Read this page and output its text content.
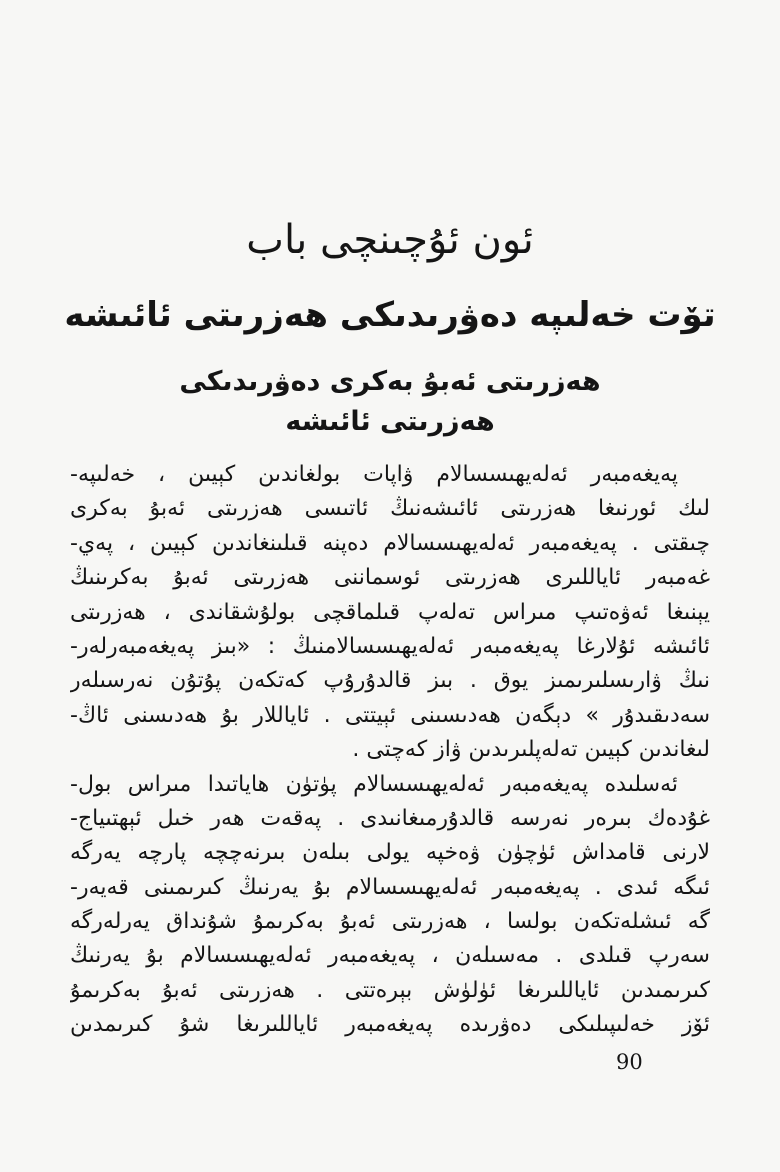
ئون ئۇچىنچى باب
تۆت خەلىپە دەۋرىدىكى ھەزرىتى ئائىشە
ھەزرىتى ئەبۇ بەكرى دەۋرىدىكى
ھەزرىتى ئائىشە
پەيغەمبەر ئەلەيھىسسالام ۋاپات بولغاندىن كېيىن ، خەلىپە-
لىك ئورنىغا ھەزرىتى ئائىشەنىڭ ئاتىسى ھەزرىتى ئەبۇ بەكرى
چىقتى . پەيغەمبەر ئەلەيھىسسالام دەپنە قىلىنغاندىن كېيىن ، پەي-
غەمبەر ئاياللىرى ھەزرىتى ئوسماننى ھەزرىتى ئەبۇ بەكرىنىڭ
يېنىغا ئەۋەتىپ مىراس تەلەپ قىلماقچى بولۇشقاندى ، ھەزرىتى
ئائىشە ئۇلارغا پەيغەمبەر ئەلەيھىسسالامنىڭ : «بىز پەيغەمبەرلەر-
نىڭ ۋارىسلىرىمىز يوق . بىز قالدۇرۇپ كەتكەن پۇتۇن نەرسىلەر
سەدىقىدۇر » دېگەن ھەدىسىنى ئېيتتى . ئاياللار بۇ ھەدىسنى ئاڭ-
لىغاندىن كېيىن تەلەپلىرىدىن ۋاز كەچتى .
ئەسلىدە پەيغەمبەر ئەلەيھىسسالام پۈتۈن ھاياتىدا مىراس بول-
غۇدەك بىرەر نەرسە قالدۇرمىغانىدى . پەقەت ھەر خىل ئېھتىياج-
لارنى قامداش ئۈچۈن ۋەخپە يولى بىلەن بىرنەچچە پارچە يەرگە
ئىگە ئىدى . پەيغەمبەر ئەلەيھىسسالام بۇ يەرنىڭ كىرىمىنى قەيەر-
گە ئىشلەتكەن بولسا ، ھەزرىتى ئەبۇ بەكرىمۇ شۇنداق يەرلەرگە
سەرپ قىلدى . مەسىلەن ، پەيغەمبەر ئەلەيھىسسالام بۇ يەرنىڭ
كىرىمىدىن ئاياللىرىغا ئۈلۈش بېرەتتى . ھەزرىتى ئەبۇ بەكرىمۇ
ئۆز خەلىپىلىكى دەۋرىدە پەيغەمبەر ئاياللىرىغا شۇ كىرىمدىن
90
